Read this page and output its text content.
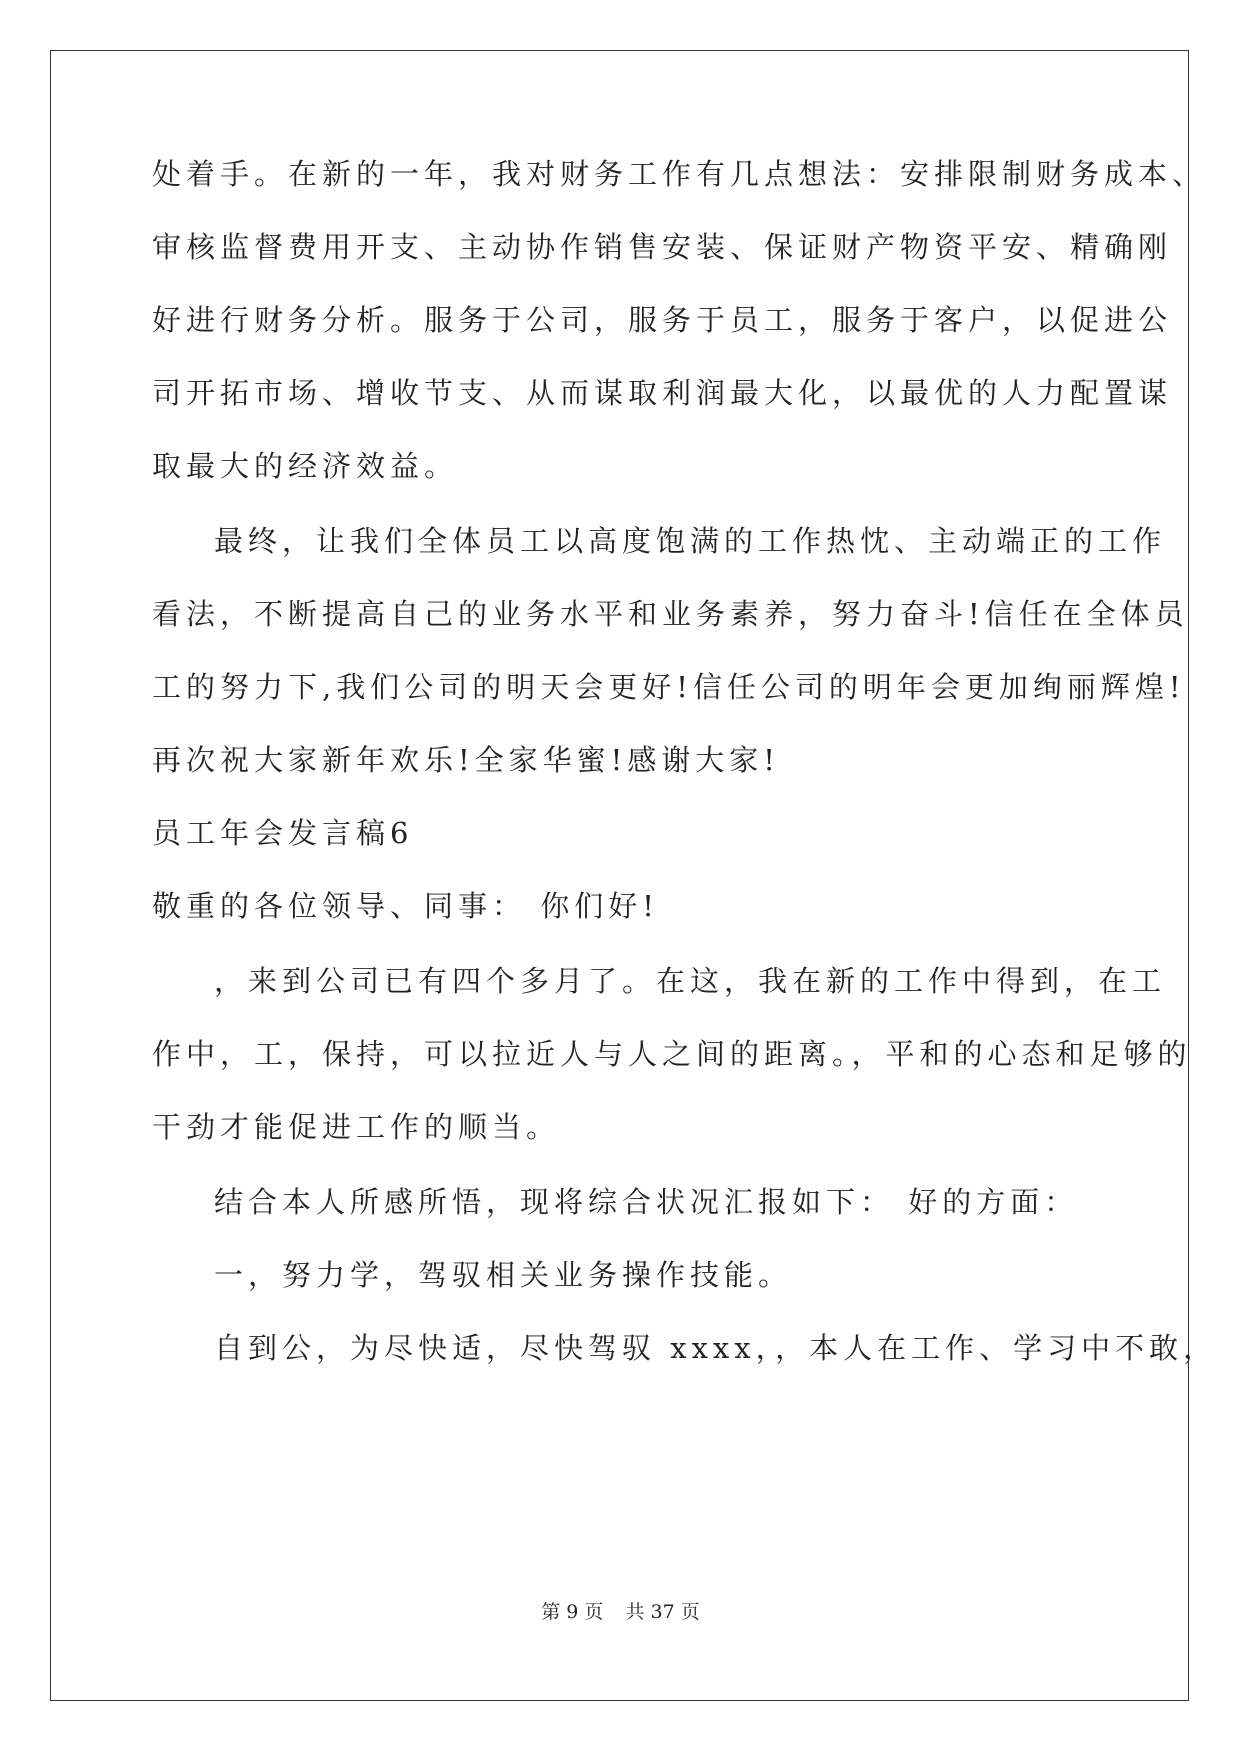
处着手。在新的一年，我对财务工作有几点想法：安排限制财务成本、
审核监督费用开支、主动协作销售安装、保证财产物资平安、精确刚
好进行财务分析。服务于公司，服务于员工，服务于客户，以促进公
司开拓市场、增收节支、从而谋取利润最大化，以最优的人力配置谋
取最大的经济效益。
最终，让我们全体员工以高度饱满的工作热忱、主动端正的工作
看法，不断提高自己的业务水平和业务素养，努力奋斗!信任在全体员
工的努力下,我们公司的明天会更好!信任公司的明年会更加绚丽辉煌!
再次祝大家新年欢乐!全家华蜜!感谢大家!
员工年会发言稿6
敬重的各位领导、同事： 你们好!
，来到公司已有四个多月了。在这，我在新的工作中得到，在工
作中，工，保持，可以拉近人与人之间的距离。，平和的心态和足够的
干劲才能促进工作的顺当。
结合本人所感所悟，现将综合状况汇报如下： 好的方面：
一，努力学，驾驭相关业务操作技能。
自到公，为尽快适，尽快驾驭 xxxx，，本人在工作、学习中不敢，
第 9 页 共 37 页
